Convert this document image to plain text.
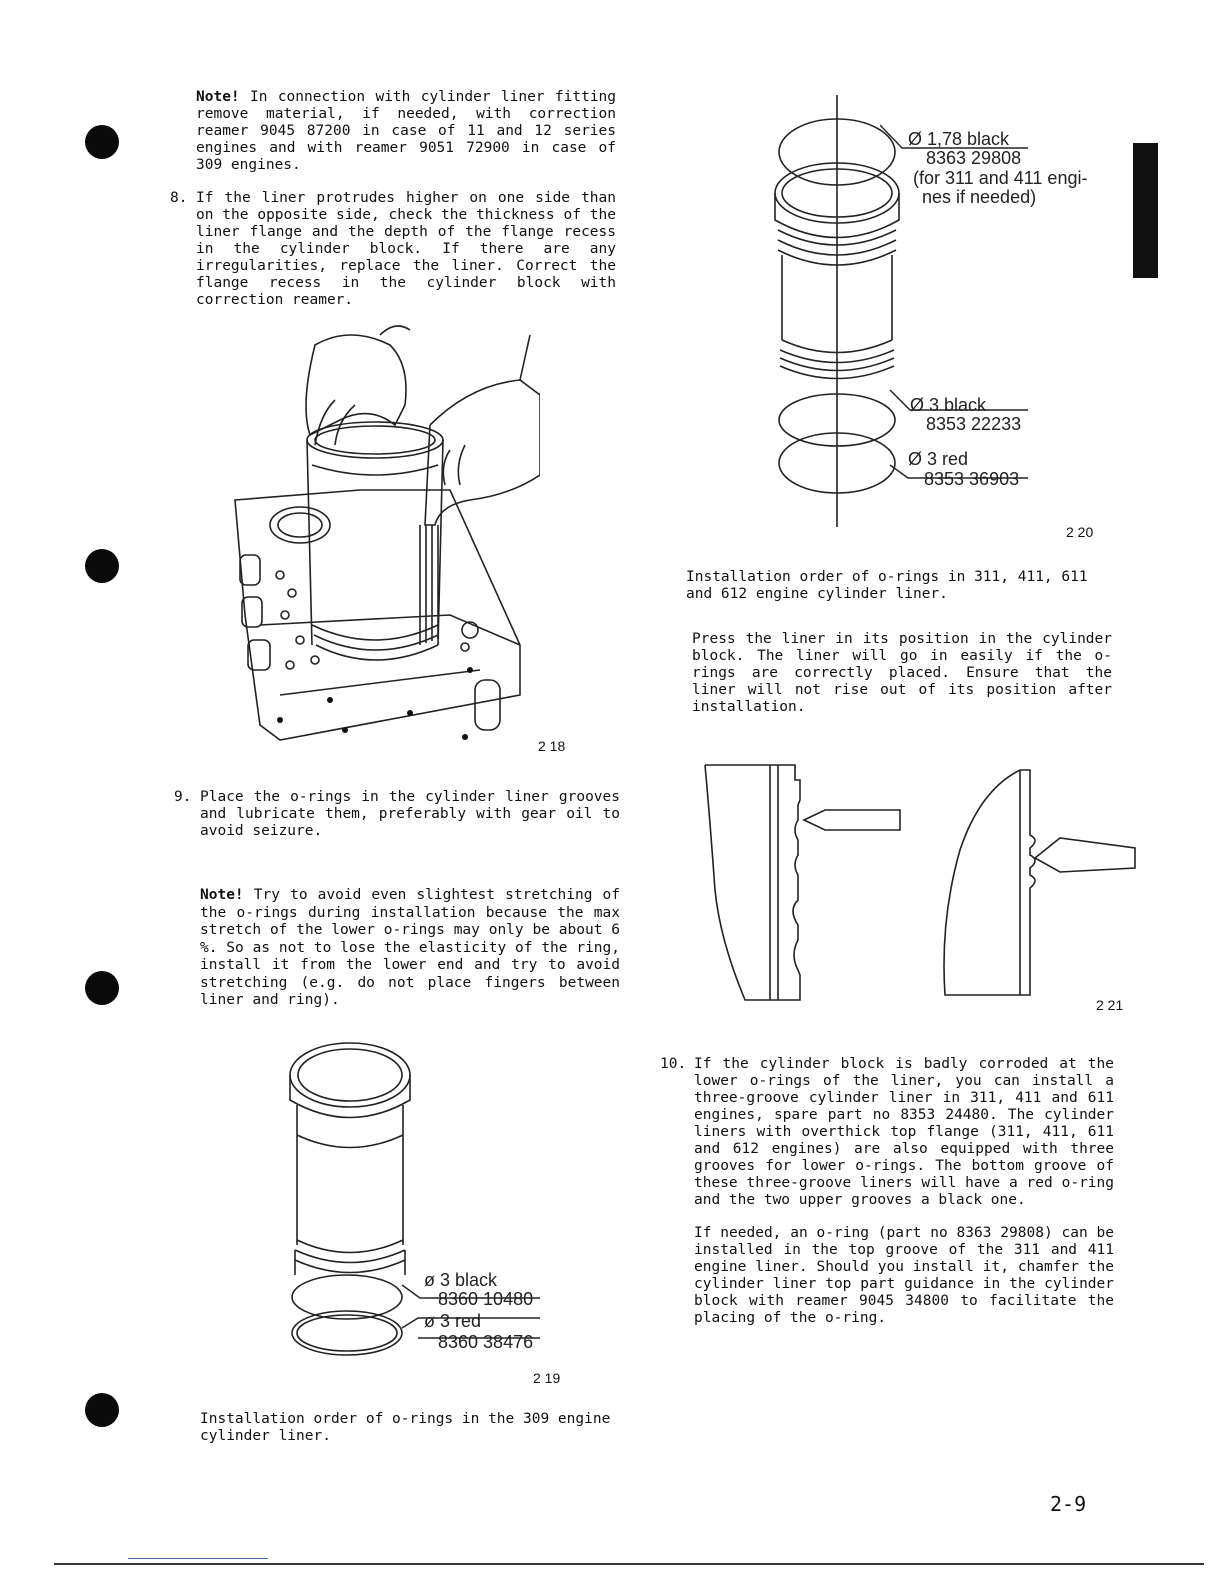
Note! In connection with cylinder liner fitting remove material, if needed, with correction reamer 9045 87200 in case of 11 and 12 series engines and with reamer 9051 72900 in case of 309 engines.

8. If the liner protrudes higher on one side than on the opposite side, check the thickness of the liner flange and the depth of the flange recess in the cylinder block. If there are any irregularities, replace the liner. Correct the flange recess in the cylinder block with correction reamer.
2 18
9. Place the o-rings in the cylinder liner grooves and lubricate them, preferably with gear oil to avoid seizure.

Note! Try to avoid even slightest stretching of the o-rings during installation because the max stretch of the lower o-rings may only be about 6 %. So as not to lose the elasticity of the ring, install it from the lower end and try to avoid stretching (e.g. do not place fingers between liner and ring).

ø 3 black
8360 10480
ø 3 red
8360 38476
2 19
Installation order of o-rings in the 309 engine cylinder liner.
Ø 1,78 black
8363 29808
(for 311 and 411 engi-
nes if needed)
Ø 3 black
8353 22233
Ø 3 red
8353 36903
2 20
Installation order of o-rings in 311, 411, 611 and 612 engine cylinder liner.
Press the liner in its position in the cylinder block. The liner will go in easily if the o-rings are correctly placed. Ensure that the liner will not rise out of its position after installation.
2 21
10. If the cylinder block is badly corroded at the lower o-rings of the liner, you can install a three-groove cylinder liner in 311, 411 and 611 engines, spare part no 8353 24480. The cylinder liners with overthick top flange (311, 411, 611 and 612 engines) are also equipped with three grooves for lower o-rings. The bottom groove of these three-groove liners will have a red o-ring and the two upper grooves a black one.

If needed, an o-ring (part no 8363 29808) can be installed in the top groove of the 311 and 411 engine liner. Should you install it, chamfer the cylinder liner top part guidance in the cylinder block with reamer 9045 34800 to facilitate the placing of the o-ring.

2-9
